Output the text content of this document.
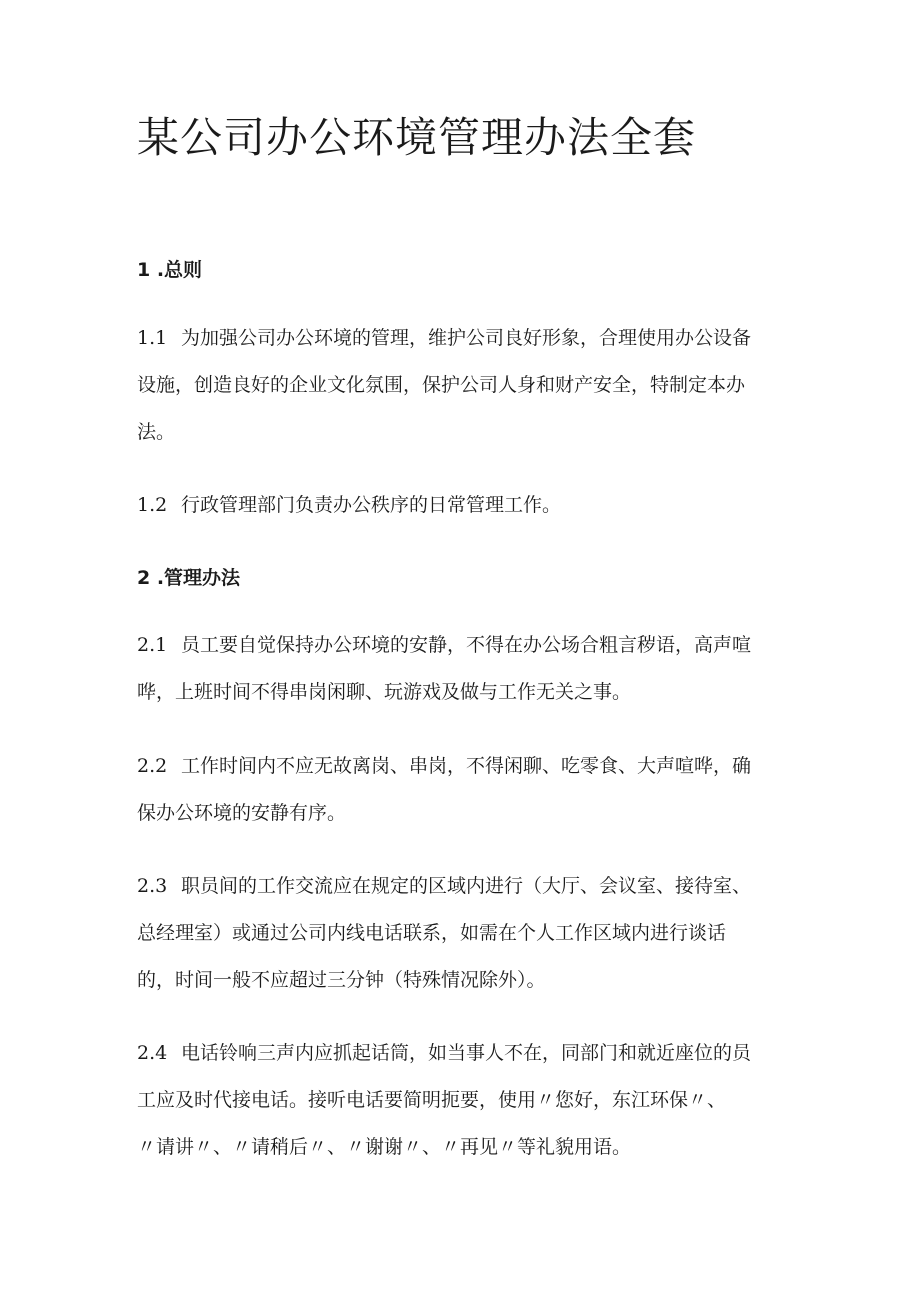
某公司办公环境管理办法全套
1 .总则
1.1 为加强公司办公环境的管理，维护公司良好形象，合理使用办公设备
设施，创造良好的企业文化氛围，保护公司人身和财产安全，特制定本办
法。
1.2 行政管理部门负责办公秩序的日常管理工作。
2 .管理办法
2.1 员工要自觉保持办公环境的安静，不得在办公场合粗言秽语，高声喧
哗，上班时间不得串岗闲聊、玩游戏及做与工作无关之事。
2.2 工作时间内不应无故离岗、串岗，不得闲聊、吃零食、大声喧哗，确
保办公环境的安静有序。
2.3 职员间的工作交流应在规定的区域内进行（大厅、会议室、接待室、
总经理室）或通过公司内线电话联系，如需在个人工作区域内进行谈话
的，时间一般不应超过三分钟（特殊情况除外）。
2.4 电话铃响三声内应抓起话筒，如当事人不在，同部门和就近座位的员
工应及时代接电话。接听电话要简明扼要，使用〃您好，东江环保〃、
〃请讲〃、〃请稍后〃、〃谢谢〃、〃再见〃等礼貌用语。
